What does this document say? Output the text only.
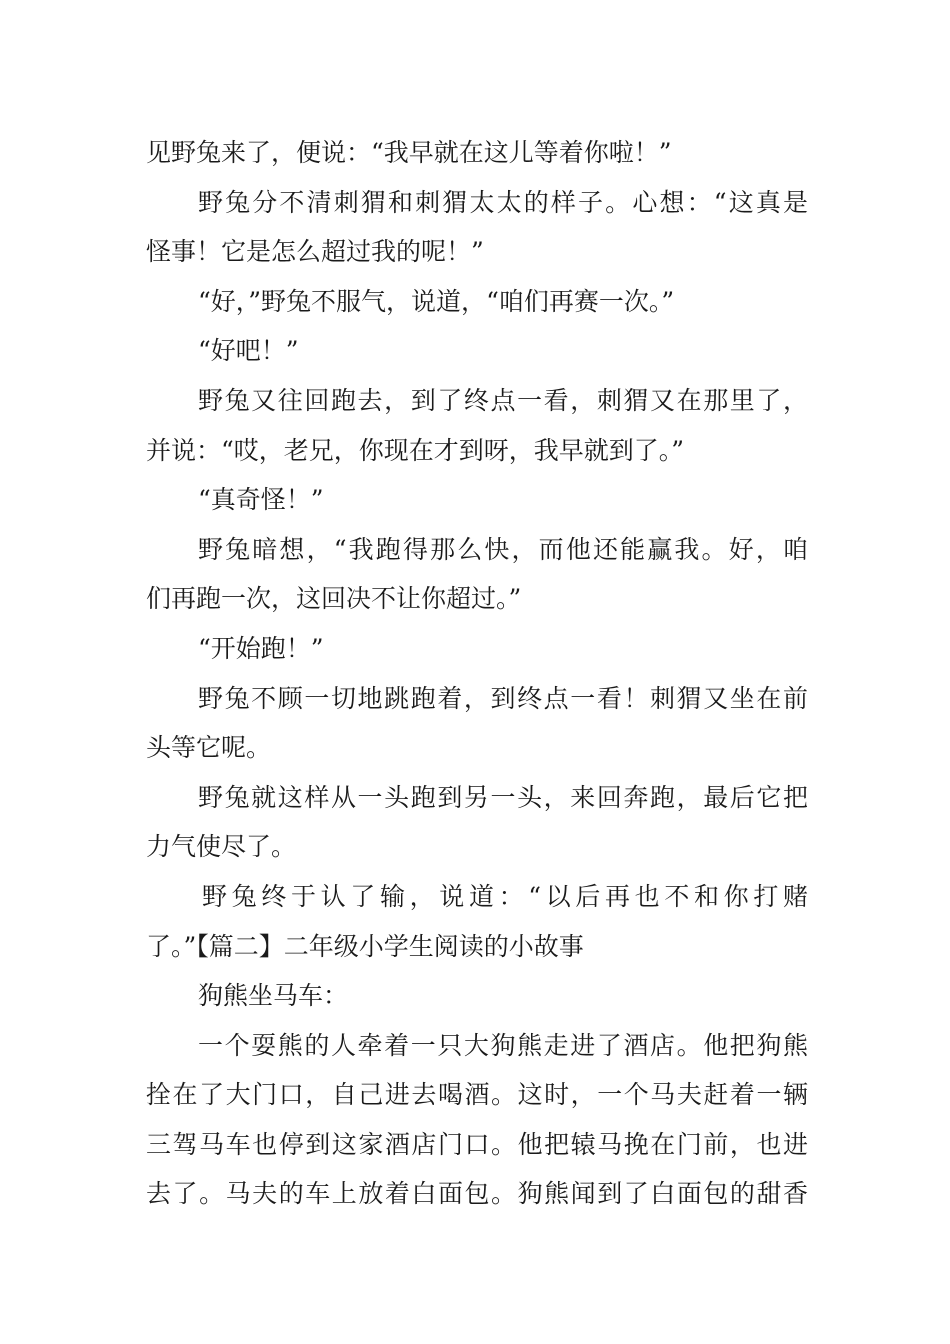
见野兔来了，便说：“我早就在这儿等着你啦！”
野兔分不清刺猬和刺猬太太的样子。心想：“这真是
怪事！它是怎么超过我的呢！”
“好，”野兔不服气，说道，“咱们再赛一次。”
“好吧！”
野兔又往回跑去，到了终点一看，刺猬又在那里了，
并说：“哎，老兄，你现在才到呀，我早就到了。”
“真奇怪！”
野兔暗想，“我跑得那么快，而他还能赢我。好，咱
们再跑一次，这回决不让你超过。”
“开始跑！”
野兔不顾一切地跳跑着，到终点一看！刺猬又坐在前
头等它呢。
野兔就这样从一头跑到另一头，来回奔跑，最后它把
力气使尽了。
野兔终于认了输，说道：“以后再也不和你打赌
了。”【篇二】二年级小学生阅读的小故事
狗熊坐马车：
一个耍熊的人牵着一只大狗熊走进了酒店。他把狗熊
拴在了大门口，自己进去喝酒。这时，一个马夫赶着一辆
三驾马车也停到这家酒店门口。他把辕马挽在门前，也进
去了。马夫的车上放着白面包。狗熊闻到了白面包的甜香
